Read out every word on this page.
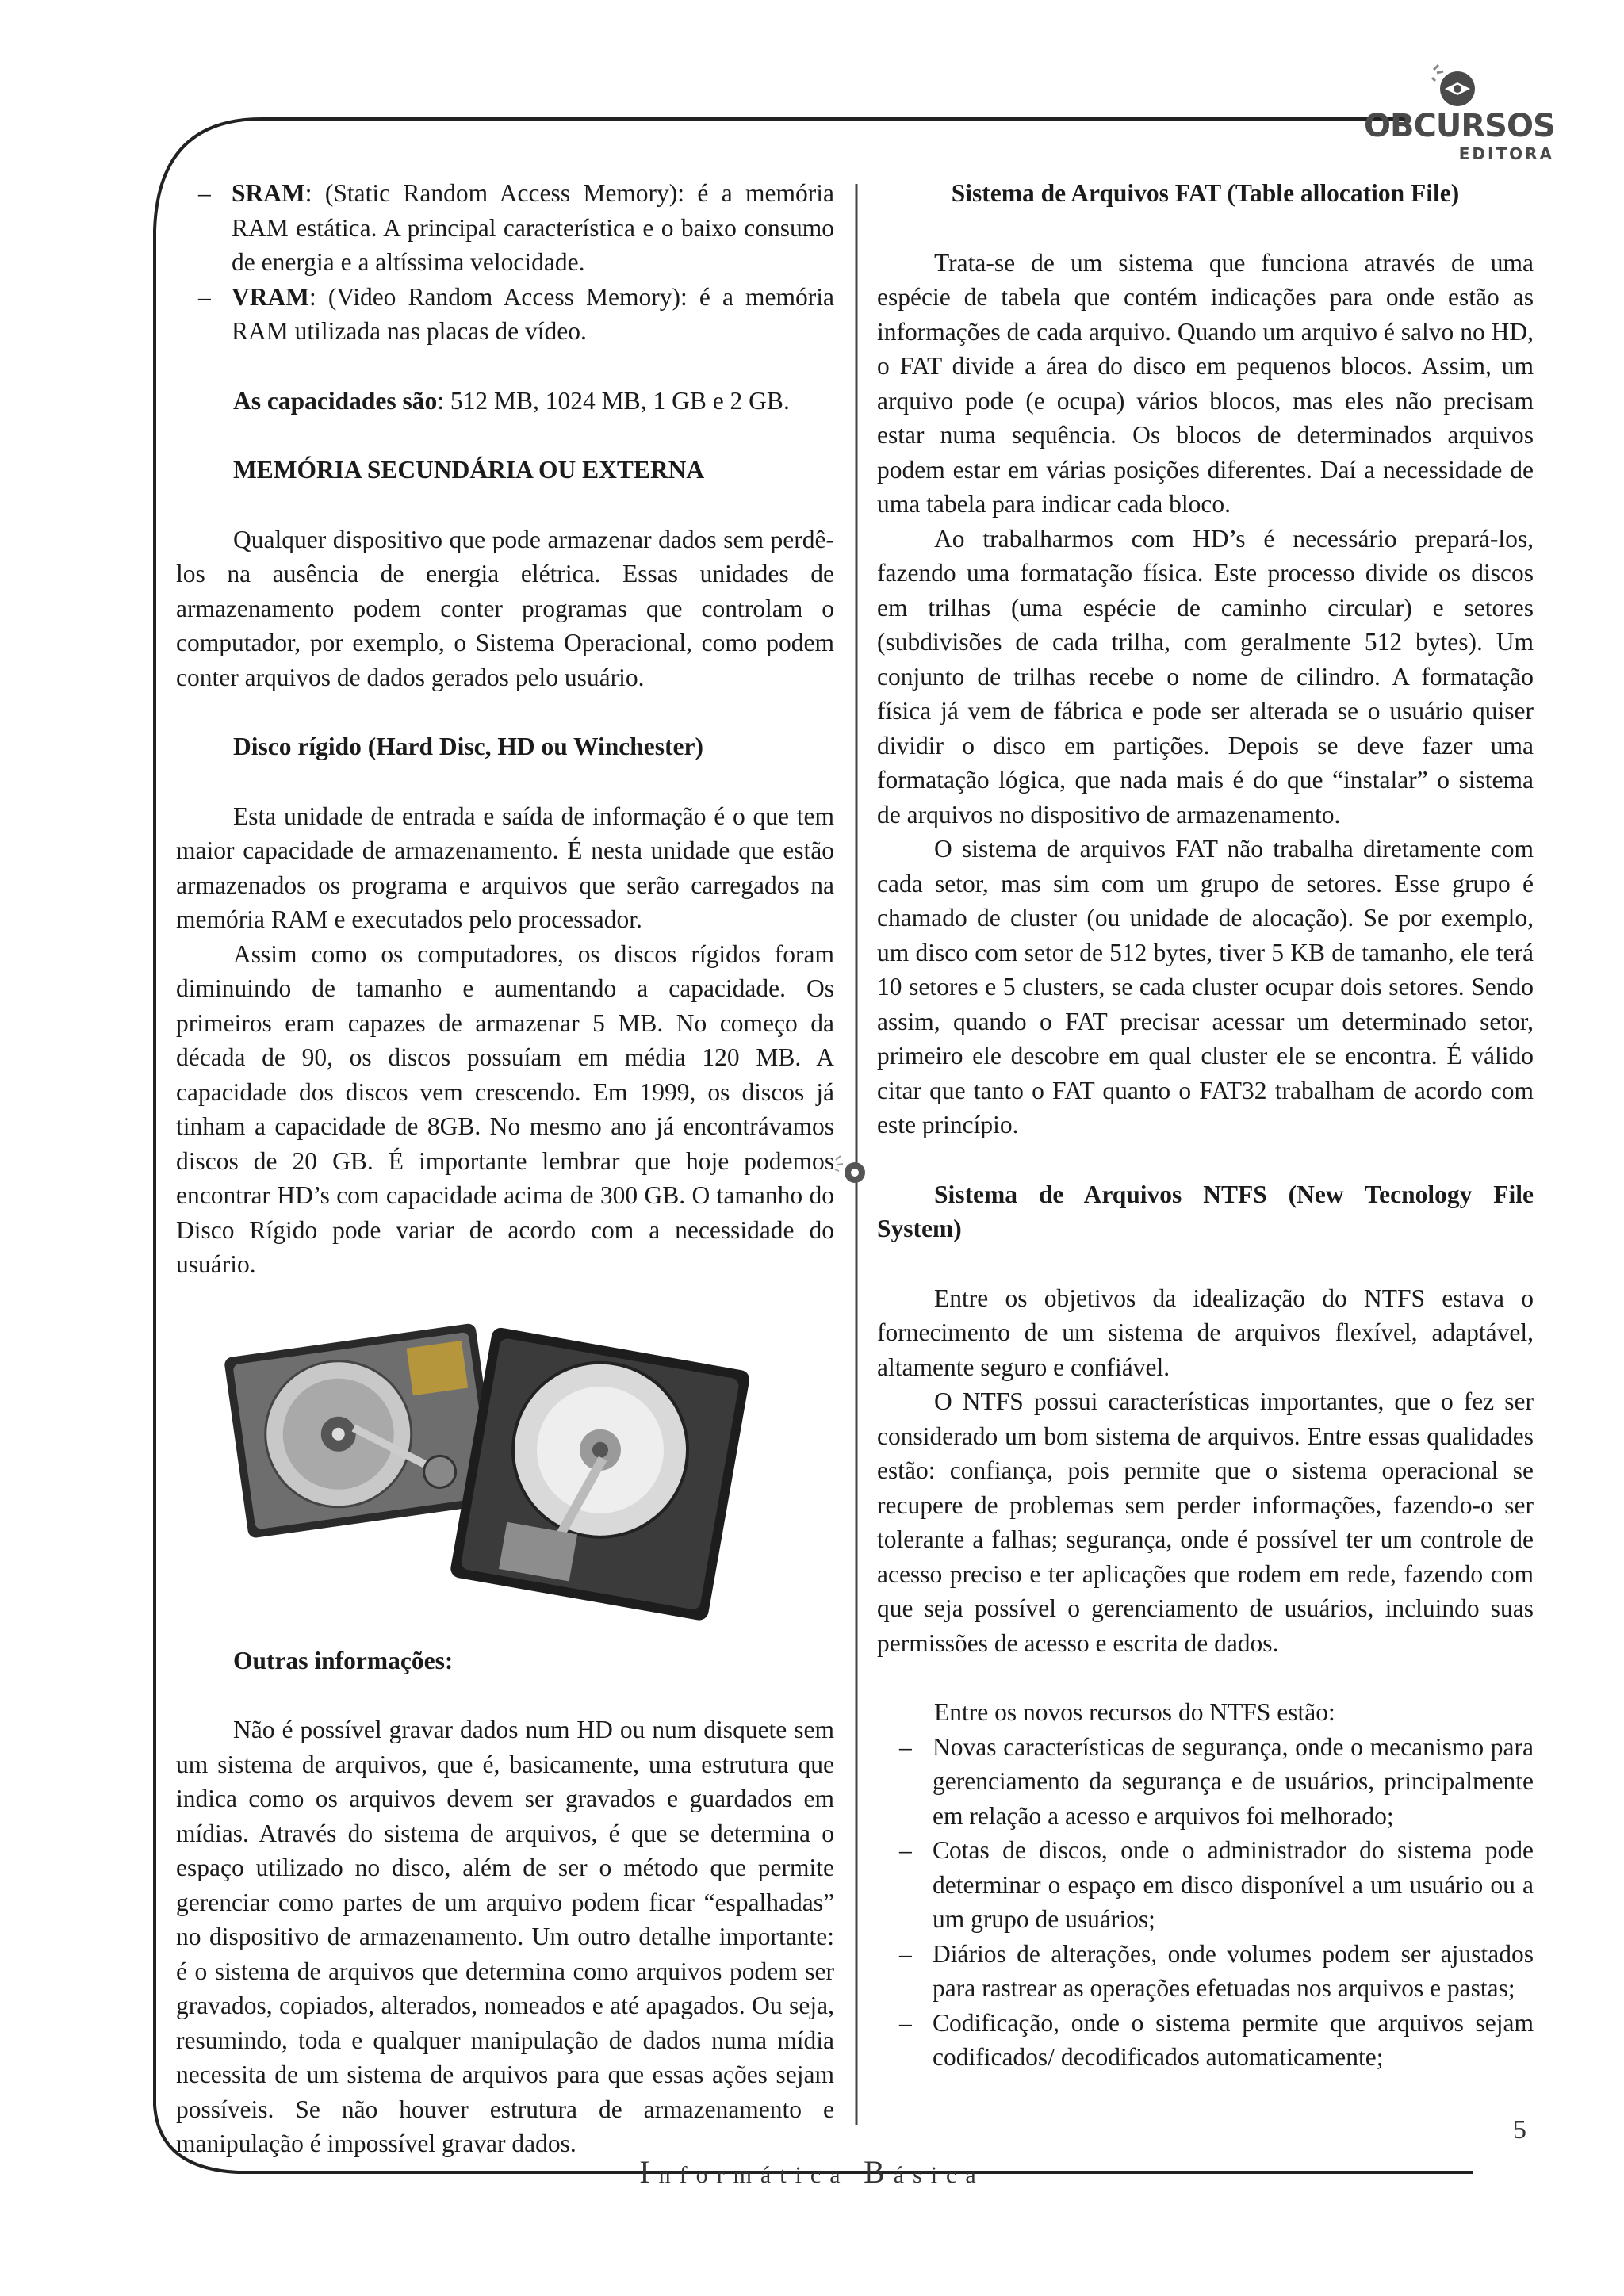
OBCURSOS
EDITORA
– SRAM: (Static Random Access Memory): é a memória RAM estática. A principal característica e o baixo consumo de energia e a altíssima velocidade.
– VRAM: (Video Random Access Memory): é a memória RAM utilizada nas placas de vídeo.

As capacidades são: 512 MB, 1024 MB, 1 GB e 2 GB.

MEMÓRIA SECUNDÁRIA OU EXTERNA

Qualquer dispositivo que pode armazenar dados sem perdê-los na ausência de energia elétrica. Essas unidades de armazenamento podem conter programas que controlam o computador, por exemplo, o Sistema Operacional, como podem conter arquivos de dados gerados pelo usuário.

Disco rígido (Hard Disc, HD ou Winchester)

Esta unidade de entrada e saída de informação é o que tem maior capacidade de armazenamento. É nesta unidade que estão armazenados os programa e arquivos que serão carregados na memória RAM e executados pelo processador.

Assim como os computadores, os discos rígidos foram diminuindo de tamanho e aumentando a capacidade. Os primeiros eram capazes de armazenar 5 MB. No começo da década de 90, os discos possuíam em média 120 MB. A capacidade dos discos vem crescendo. Em 1999, os discos já tinham a capacidade de 8GB. No mesmo ano já encontrávamos discos de 20 GB. É importante lembrar que hoje podemos encontrar HD’s com capacidade acima de 300 GB. O tamanho do Disco Rígido pode variar de acordo com a necessidade do usuário.

Outras informações:

Não é possível gravar dados num HD ou num disquete sem um sistema de arquivos, que é, basicamente, uma estrutura que indica como os arquivos devem ser gravados e guardados em mídias. Através do sistema de arquivos, é que se determina o espaço utilizado no disco, além de ser o método que permite gerenciar como partes de um arquivo podem ficar “espalhadas” no dispositivo de armazenamento. Um outro detalhe importante: é o sistema de arquivos que determina como arquivos podem ser gravados, copiados, alterados, nomeados e até apagados. Ou seja, resumindo, toda e qualquer manipulação de dados numa mídia necessita de um sistema de arquivos para que essas ações sejam possíveis. Se não houver estrutura de armazenamento e manipulação é impossível gravar dados.

Sistema de Arquivos FAT (Table allocation File)

Trata-se de um sistema que funciona através de uma espécie de tabela que contém indicações para onde estão as informações de cada arquivo. Quando um arquivo é salvo no HD, o FAT divide a área do disco em pequenos blocos. Assim, um arquivo pode (e ocupa) vários blocos, mas eles não precisam estar numa sequência. Os blocos de determinados arquivos podem estar em várias posições diferentes. Daí a necessidade de uma tabela para indicar cada bloco.

Ao trabalharmos com HD’s é necessário prepará-los, fazendo uma formatação física. Este processo divide os discos em trilhas (uma espécie de caminho circular) e setores (subdivisões de cada trilha, com geralmente 512 bytes). Um conjunto de trilhas recebe o nome de cilindro. A formatação física já vem de fábrica e pode ser alterada se o usuário quiser dividir o disco em partições. Depois se deve fazer uma formatação lógica, que nada mais é do que “instalar” o sistema de arquivos no dispositivo de armazenamento.

O sistema de arquivos FAT não trabalha diretamente com cada setor, mas sim com um grupo de setores. Esse grupo é chamado de cluster (ou unidade de alocação). Se por exemplo, um disco com setor de 512 bytes, tiver 5 KB de tamanho, ele terá 10 setores e 5 clusters, se cada cluster ocupar dois setores. Sendo assim, quando o FAT precisar acessar um determinado setor, primeiro ele descobre em qual cluster ele se encontra. É válido citar que tanto o FAT quanto o FAT32 trabalham de acordo com este princípio.

Sistema de Arquivos NTFS (New Tecnology File System)

Entre os objetivos da idealização do NTFS estava o fornecimento de um sistema de arquivos flexível, adaptável, altamente seguro e confiável.

O NTFS possui características importantes, que o fez ser considerado um bom sistema de arquivos. Entre essas qualidades estão: confiança, pois permite que o sistema operacional se recupere de problemas sem perder informações, fazendo-o ser tolerante a falhas; segurança, onde é possível ter um controle de acesso preciso e ter aplicações que rodem em rede, fazendo com que seja possível o gerenciamento de usuários, incluindo suas permissões de acesso e escrita de dados.

Entre os novos recursos do NTFS estão:

– Novas características de segurança, onde o mecanismo para gerenciamento da segurança e de usuários, principalmente em relação a acesso e arquivos foi melhorado;
– Cotas de discos, onde o administrador do sistema pode determinar o espaço em disco disponível a um usuário ou a um grupo de usuários;
– Diários de alterações, onde volumes podem ser ajustados para rastrear as operações efetuadas nos arquivos e pastas;
– Codificação, onde o sistema permite que arquivos sejam codificados/ decodificados automaticamente;
5
Informática Básica
